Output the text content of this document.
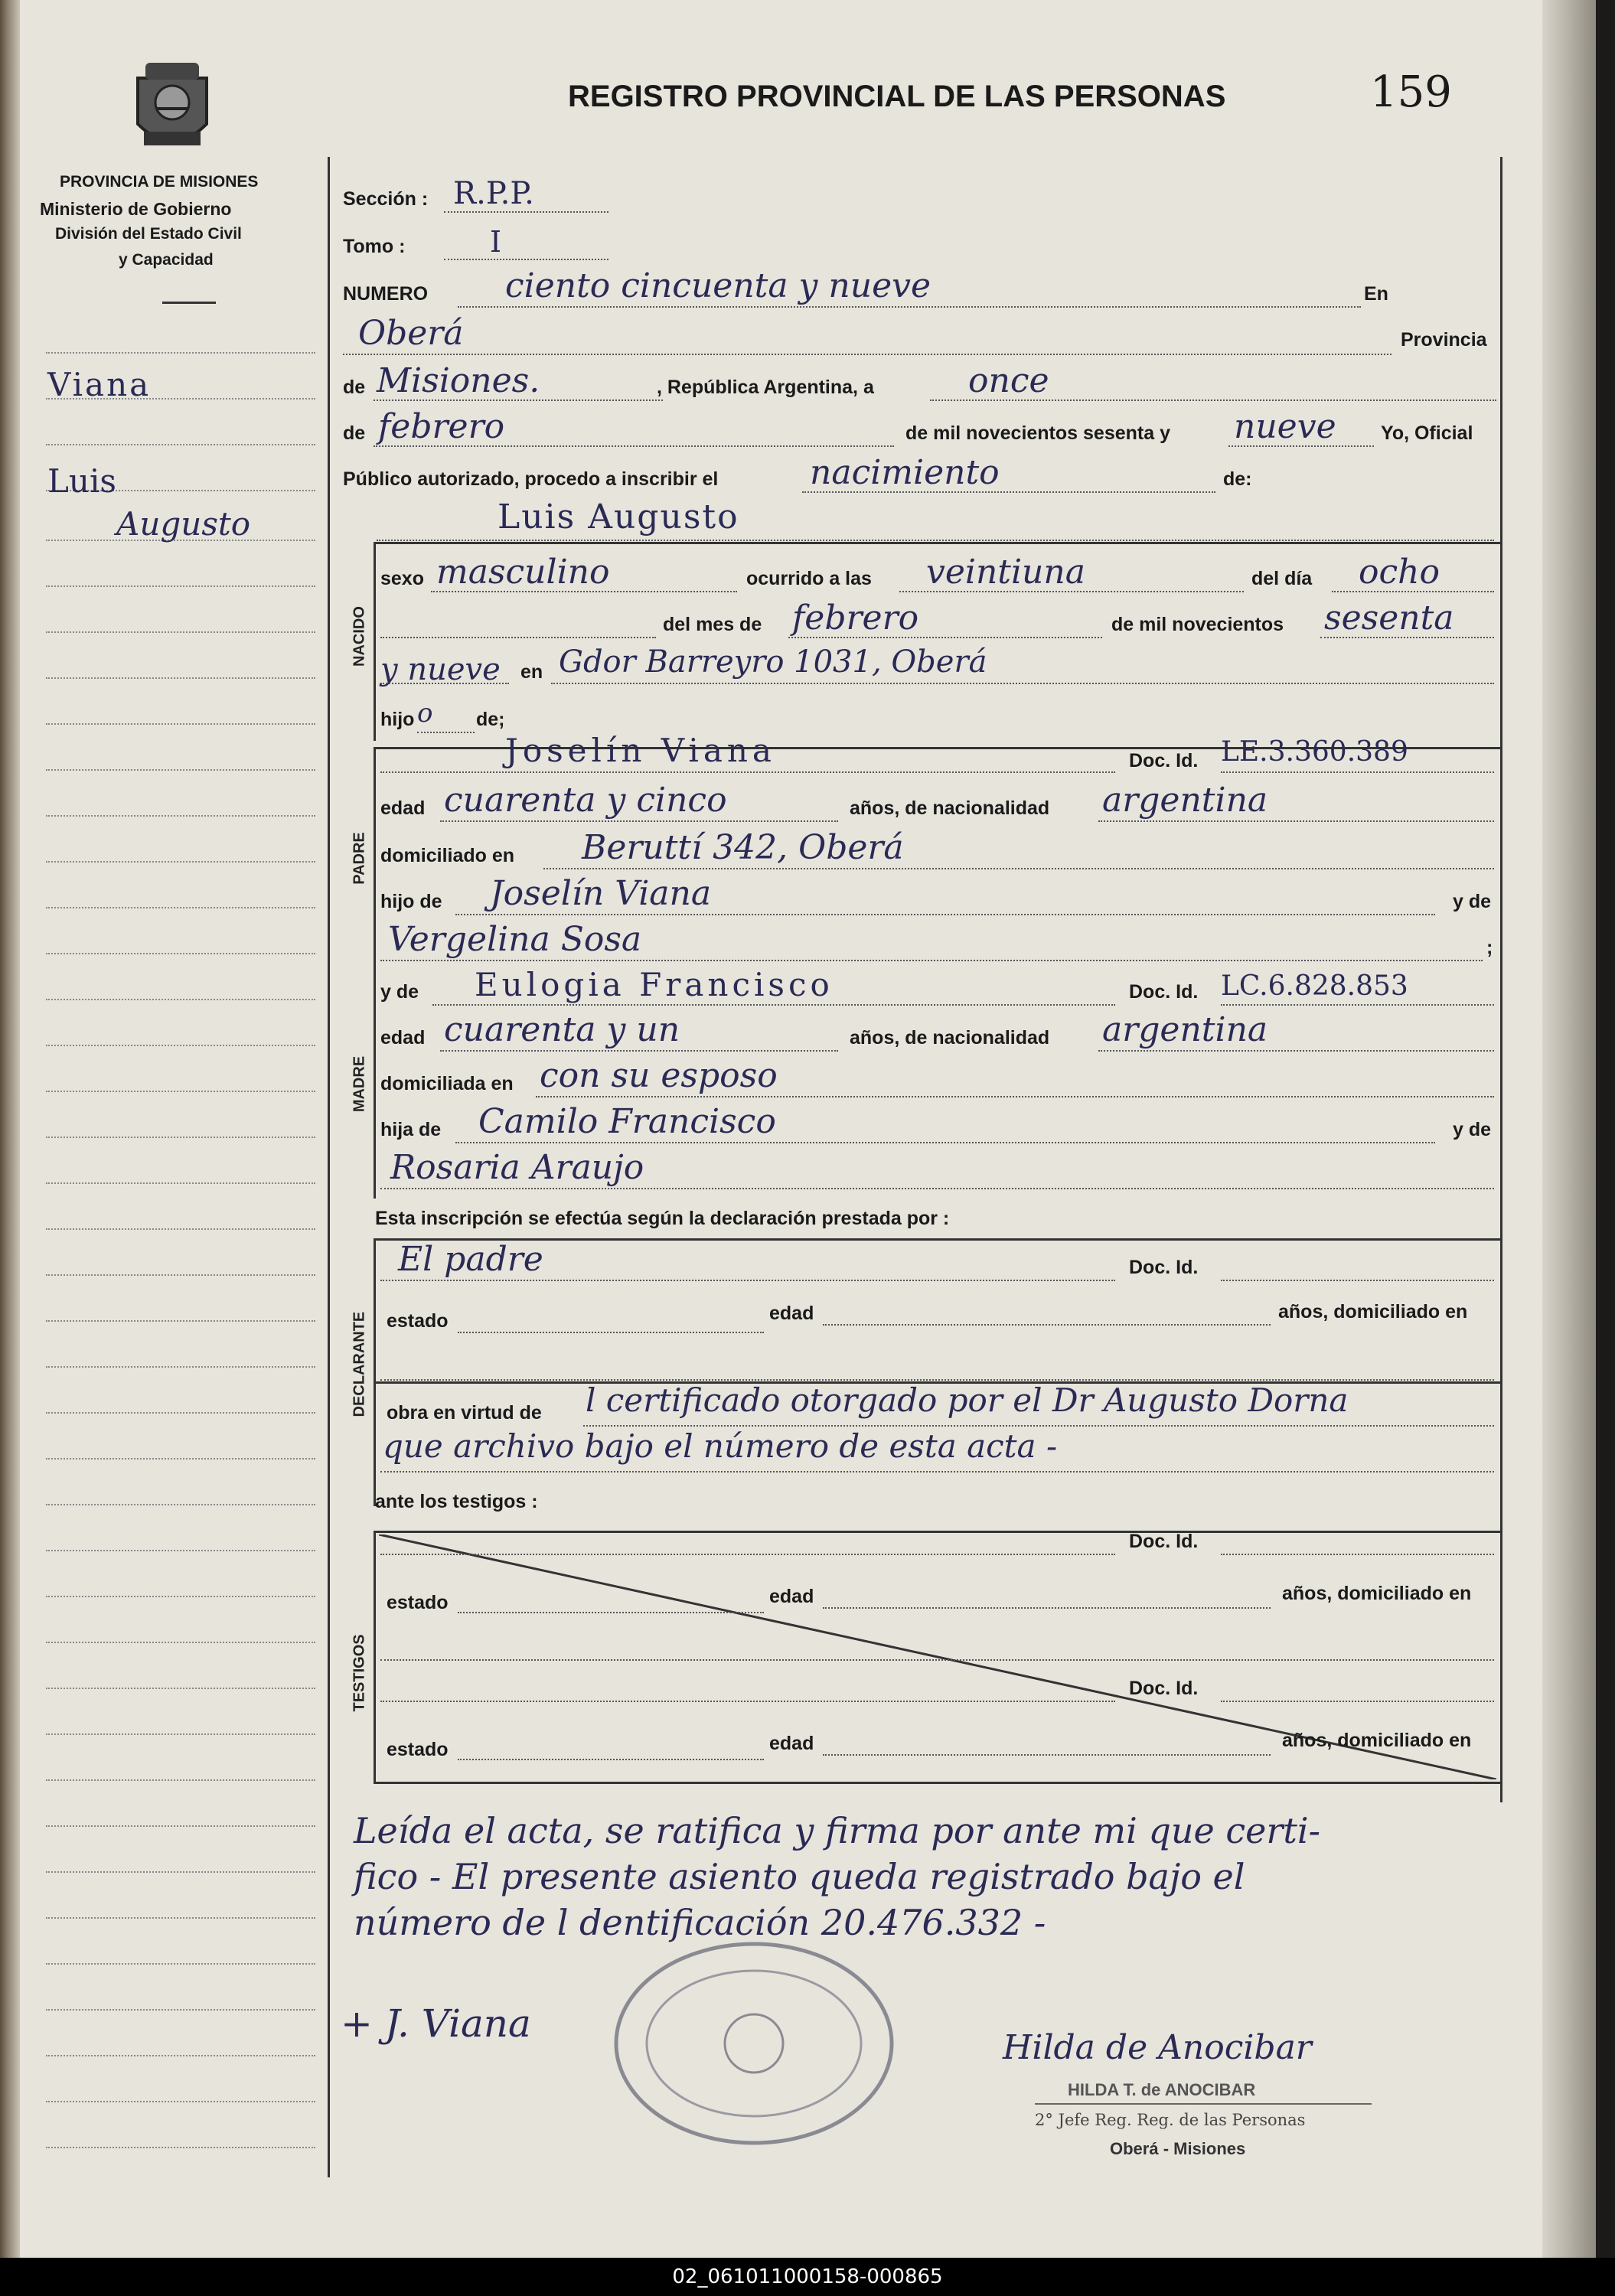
PROVINCIA DE MISIONES
Ministerio de Gobierno
División del Estado Civil
y Capacidad
REGISTRO PROVINCIAL DE LAS PERSONAS	159
Viana
Luis
Augusto
Sección : R.P.P.
Tomo :	I
NUMERO ciento cincuenta y nueve	En
Oberá	Provincia
de Misiones.	, República Argentina, a	once
de febrero	de mil novecientos sesenta y nueve Yo, Oficial
Público autorizado, procedo a inscribir el	nacimiento	de:
Luis Augusto
NACIDO
sexo masculino	ocurrido a las veintiuna	del día ocho
del mes de febrero	de mil novecientos sesenta
y nueve en Gdor Barreyro 1031, Oberá
hijo o de;
PADRE
Joselín Viana	Doc. Id. LE.3.360.389
edad cuarenta y cinco	años, de nacionalidad argentina
domiciliado en Beruttí 342, Oberá
hijo de Joselín Viana	y de
Vergelina Sosa	;
MADRE
y de Eulogia Francisco	Doc. Id. LC.6.828.853
edad cuarenta y un	años, de nacionalidad argentina
domiciliada en con su esposo
hija de Camilo Francisco	y de
Rosaria Araujo
Esta inscripción se efectúa según la declaración prestada por :
DECLARANTE
El padre	Doc. Id.
estado	edad	años, domiciliado en
obra en virtud de l certificado otorgado por el Dr Augusto Dorna
que archivo bajo el número de esta acta -
ante los testigos :
TESTIGOS
Doc. Id.
estado	edad	años, domiciliado en
Doc. Id.
estado	edad	años, domiciliado en
Leída el acta, se ratifica y firma por ante mi que certi-
fico - El presente asiento queda registrado bajo el
número de l dentificación 20.476.332 -
+ J. Viana
Hilda de Anocibar
HILDA T. de ANOCIBAR
2° Jefe Reg. Reg. de las Personas
Oberá - Misiones
02_061011000158-000865
